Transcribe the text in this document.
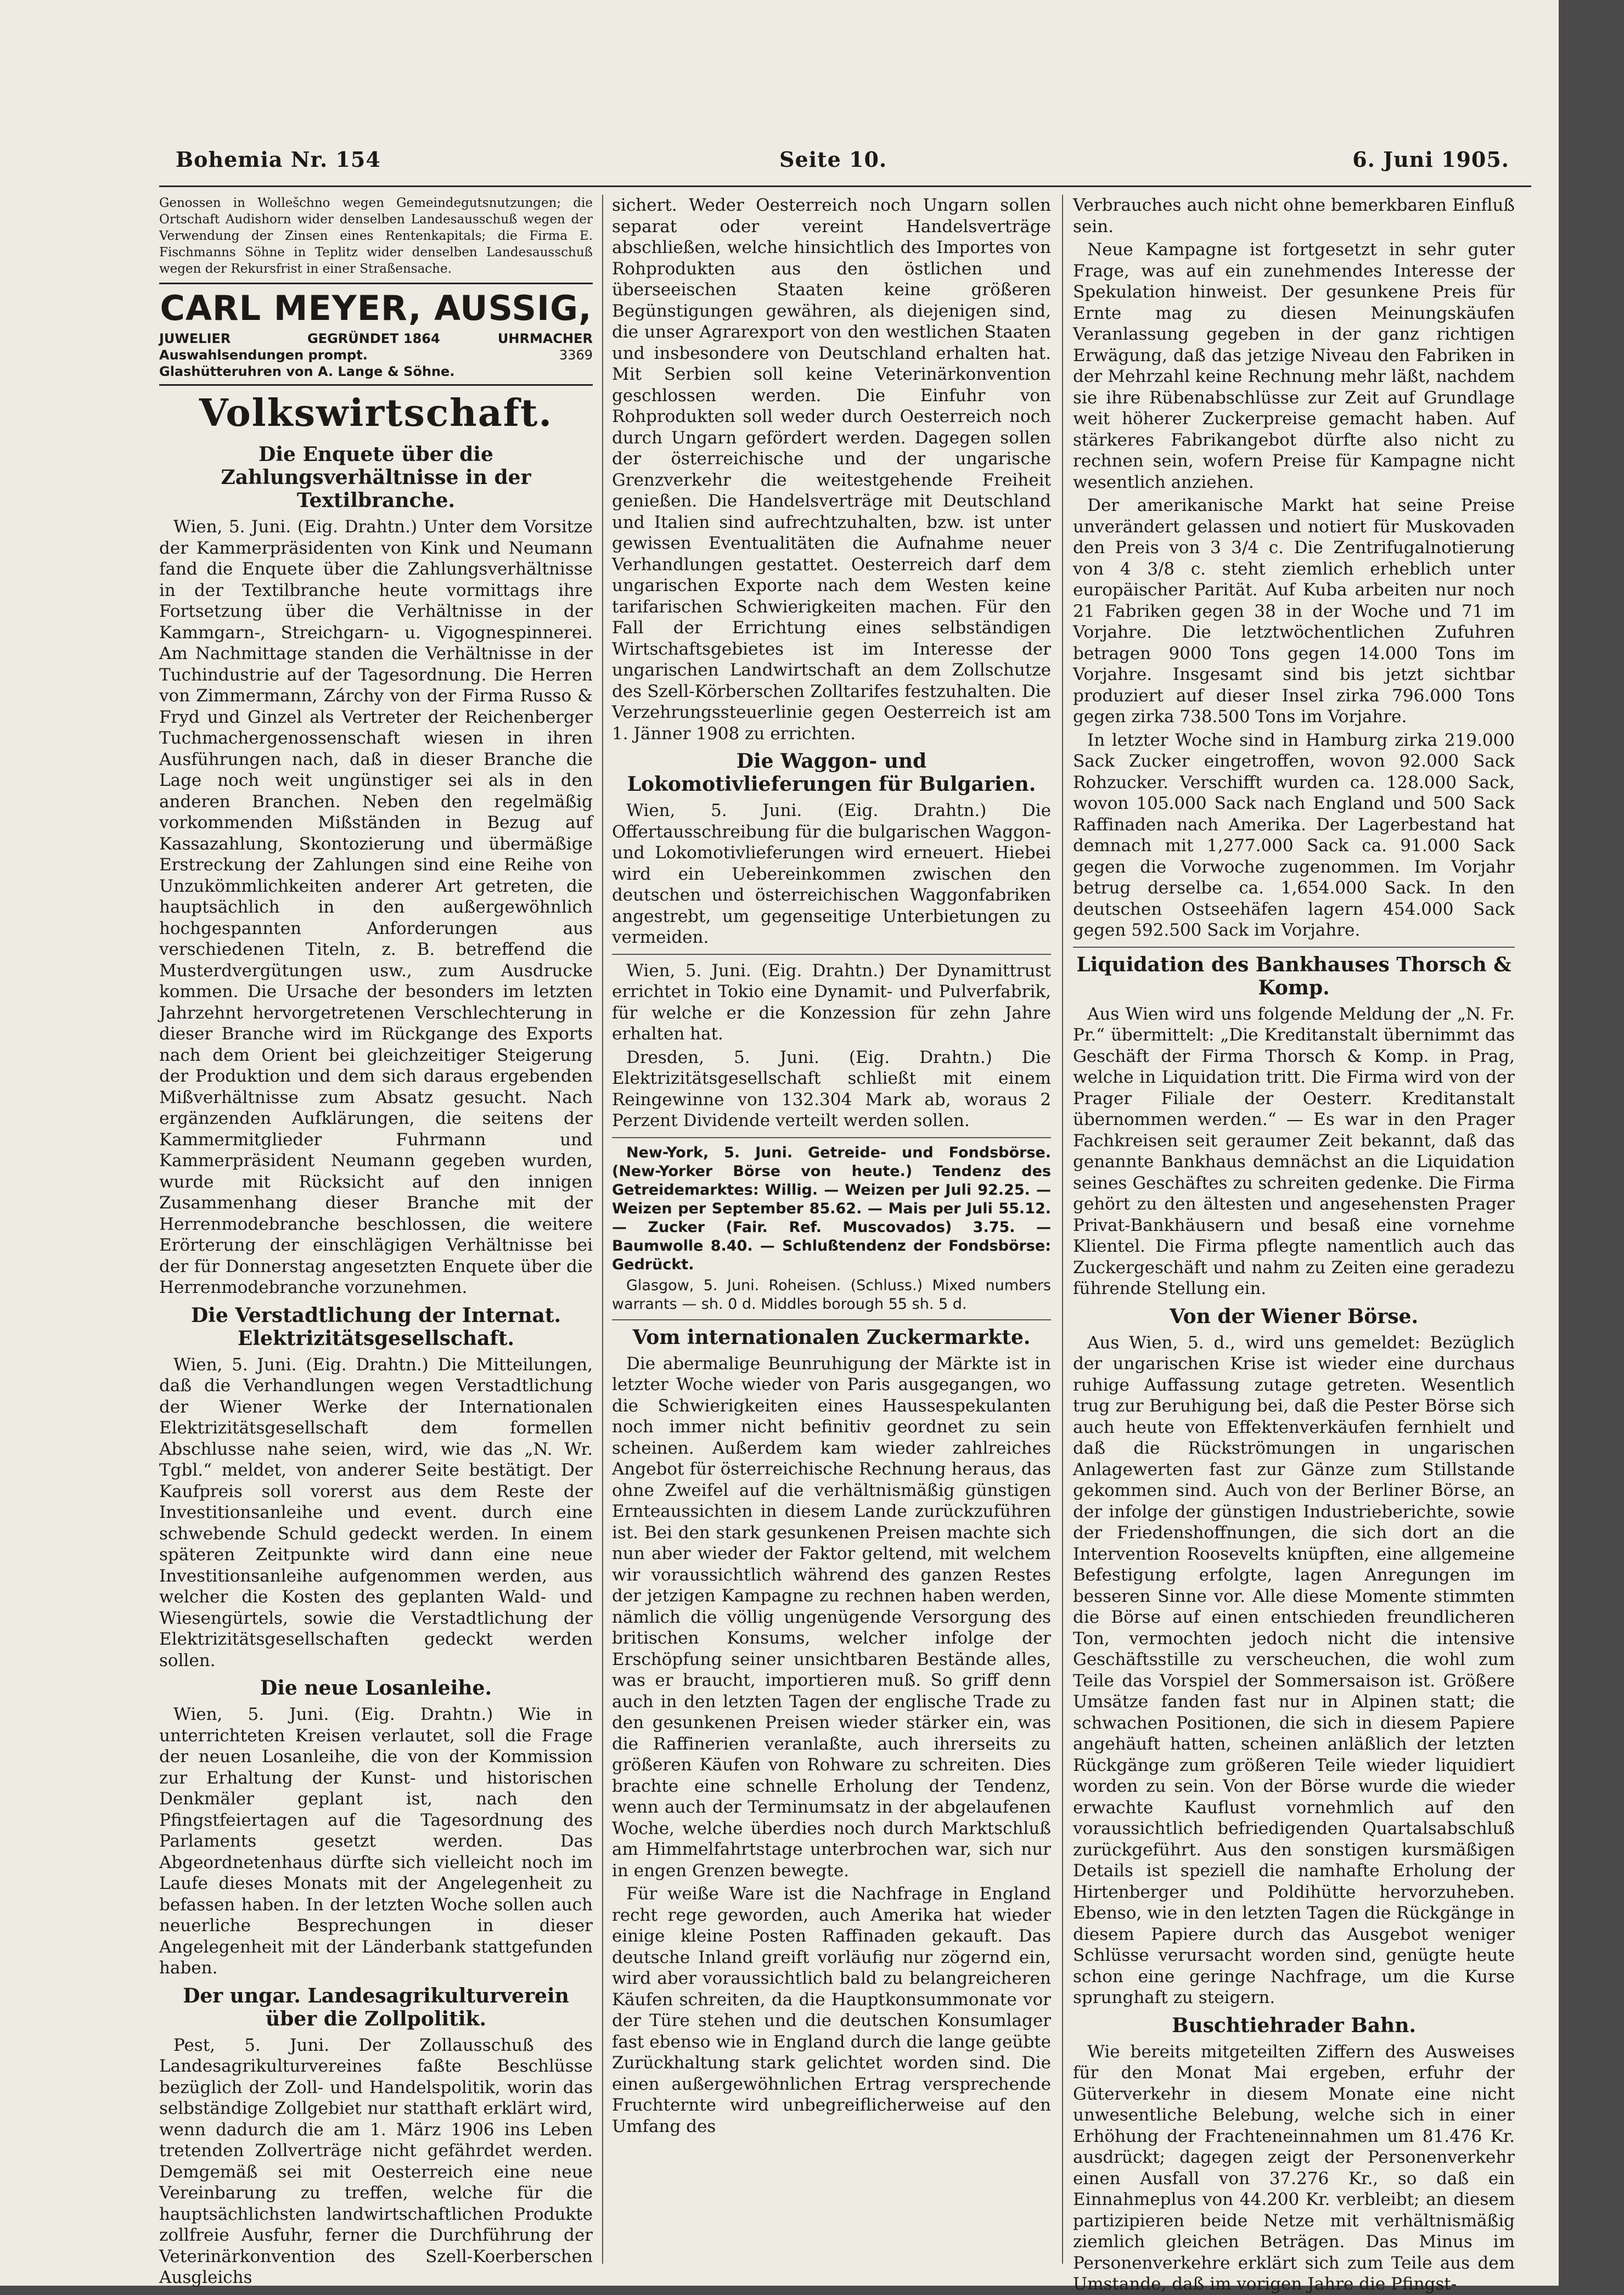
Bohemia Nr. 154	Seite 10.	6. Juni 1905.

Genossen in Wollešchno wegen Gemeindegutsnutzungen; die Ortschaft Audishorn wider denselben Landesausschuß wegen der Verwendung der Zinsen eines Rentenkapitals; die Firma E. Fischmanns Söhne in Teplitz wider denselben Landesausschuß wegen der Rekursfrist in einer Straßensache.

CARL MEYER, AUSSIG,
JUWELIER	GEGRÜNDET 1864	UHRMACHER
Auswahlsendungen prompt.	3369
Glashütteruhren von A. Lange & Söhne.
Volkswirtschaft.
Die Enquete über die Zahlungsverhältnisse in der Textilbranche.

Wien, 5. Juni. (Eig. Drahtn.) Unter dem Vorsitze der Kammerpräsidenten von Kink und Neumann fand die Enquete über die Zahlungsverhältnisse in der Textilbranche heute vormittags ihre Fortsetzung über die Verhältnisse in der Kammgarn-, Streichgarn- u. Vigognespinnerei. Am Nachmittage standen die Verhältnisse in der Tuchindustrie auf der Tagesordnung. Die Herren von Zimmermann, Zárchy von der Firma Russo & Fryd und Ginzel als Vertreter der Reichenberger Tuchmachergenossenschaft wiesen in ihren Ausführungen nach, daß in dieser Branche die Lage noch weit ungünstiger sei als in den anderen Branchen. Neben den regelmäßig vorkommenden Mißständen in Bezug auf Kassazahlung, Skontozierung und übermäßige Erstreckung der Zahlungen sind eine Reihe von Unzukömmlichkeiten anderer Art getreten, die hauptsächlich in den außergewöhnlich hochgespannten Anforderungen aus verschiedenen Titeln, z. B. betreffend die Musterdvergütungen usw., zum Ausdrucke kommen. Die Ursache der besonders im letzten Jahrzehnt hervorgetretenen Verschlechterung in dieser Branche wird im Rückgange des Exports nach dem Orient bei gleichzeitiger Steigerung der Produktion und dem sich daraus ergebenden Mißverhältnisse zum Absatz gesucht. Nach ergänzenden Aufklärungen, die seitens der Kammermitglieder Fuhrmann und Kammerpräsident Neumann gegeben wurden, wurde mit Rücksicht auf den innigen Zusammenhang dieser Branche mit der Herrenmodebranche beschlossen, die weitere Erörterung der einschlägigen Verhältnisse bei der für Donnerstag angesetzten Enquete über die Herrenmodebranche vorzunehmen.

Die Verstadtlichung der Internat. Elektrizitätsgesellschaft.

Wien, 5. Juni. (Eig. Drahtn.) Die Mitteilungen, daß die Verhandlungen wegen Verstadtlichung der Wiener Werke der Internationalen Elektrizitätsgesellschaft dem formellen Abschlusse nahe seien, wird, wie das „N. Wr. Tgbl.“ meldet, von anderer Seite bestätigt. Der Kaufpreis soll vorerst aus dem Reste der Investitionsanleihe und event. durch eine schwebende Schuld gedeckt werden. In einem späteren Zeitpunkte wird dann eine neue Investitionsanleihe aufgenommen werden, aus welcher die Kosten des geplanten Wald- und Wiesengürtels, sowie die Verstadtlichung der Elektrizitätsgesellschaften gedeckt werden sollen.

Die neue Losanleihe.

Wien, 5. Juni. (Eig. Drahtn.) Wie in unterrichteten Kreisen verlautet, soll die Frage der neuen Losanleihe, die von der Kommission zur Erhaltung der Kunst- und historischen Denkmäler geplant ist, nach den Pfingstfeiertagen auf die Tagesordnung des Parlaments gesetzt werden. Das Abgeordnetenhaus dürfte sich vielleicht noch im Laufe dieses Monats mit der Angelegenheit zu befassen haben. In der letzten Woche sollen auch neuerliche Besprechungen in dieser Angelegenheit mit der Länderbank stattgefunden haben.

Der ungar. Landesagrikulturverein über die Zollpolitik.

Pest, 5. Juni. Der Zollausschuß des Landesagrikulturvereines faßte Beschlüsse bezüglich der Zoll- und Handelspolitik, worin das selbständige Zollgebiet nur statthaft erklärt wird, wenn dadurch die am 1. März 1906 ins Leben tretenden Zollverträge nicht gefährdet werden. Demgemäß sei mit Oesterreich eine neue Vereinbarung zu treffen, welche für die hauptsächlichsten landwirtschaftlichen Produkte zollfreie Ausfuhr, ferner die Durchführung der Veterinärkonvention des Szell-Koerberschen Ausgleichs

sichert. Weder Oesterreich noch Ungarn sollen separat oder vereint Handelsverträge abschließen, welche hinsichtlich des Importes von Rohprodukten aus den östlichen und überseeischen Staaten keine größeren Begünstigungen gewähren, als diejenigen sind, die unser Agrarexport von den westlichen Staaten und insbesondere von Deutschland erhalten hat. Mit Serbien soll keine Veterinärkonvention geschlossen werden. Die Einfuhr von Rohprodukten soll weder durch Oesterreich noch durch Ungarn gefördert werden. Dagegen sollen der österreichische und der ungarische Grenzverkehr die weitestgehende Freiheit genießen. Die Handelsverträge mit Deutschland und Italien sind aufrechtzuhalten, bzw. ist unter gewissen Eventualitäten die Aufnahme neuer Verhandlungen gestattet. Oesterreich darf dem ungarischen Exporte nach dem Westen keine tarifarischen Schwierigkeiten machen. Für den Fall der Errichtung eines selbständigen Wirtschaftsgebietes ist im Interesse der ungarischen Landwirtschaft an dem Zollschutze des Szell-Körberschen Zolltarifes festzuhalten. Die Verzehrungssteuerlinie gegen Oesterreich ist am 1. Jänner 1908 zu errichten.

Die Waggon- und Lokomotivlieferungen für Bulgarien.

Wien, 5. Juni. (Eig. Drahtn.) Die Offertausschreibung für die bulgarischen Waggon- und Lokomotivlieferungen wird erneuert. Hiebei wird ein Uebereinkommen zwischen den deutschen und österreichischen Waggonfabriken angestrebt, um gegenseitige Unterbietungen zu vermeiden.

Wien, 5. Juni. (Eig. Drahtn.) Der Dynamittrust errichtet in Tokio eine Dynamit- und Pulverfabrik, für welche er die Konzession für zehn Jahre erhalten hat.

Dresden, 5. Juni. (Eig. Drahtn.) Die Elektrizitätsgesellschaft schließt mit einem Reingewinne von 132.304 Mark ab, woraus 2 Perzent Dividende verteilt werden sollen.

New-York, 5. Juni. Getreide- und Fondsbörse. (New-Yorker Börse von heute.) Tendenz des Getreidemarktes: Willig. — Weizen per Juli 92.25. — Weizen per September 85.62. — Mais per Juli 55.12. — Zucker (Fair. Ref. Muscovados) 3.75. — Baumwolle 8.40. — Schlußtendenz der Fondsbörse: Gedrückt.

Glasgow, 5. Juni. Roheisen. (Schluss.) Mixed numbers warrants — sh. 0 d. Middles borough 55 sh. 5 d.

Vom internationalen Zuckermarkte.

Die abermalige Beunruhigung der Märkte ist in letzter Woche wieder von Paris ausgegangen, wo die Schwierigkeiten eines Haussespekulanten noch immer nicht befinitiv geordnet zu sein scheinen. Außerdem kam wieder zahlreiches Angebot für österreichische Rechnung heraus, das ohne Zweifel auf die verhältnismäßig günstigen Ernteaussichten in diesem Lande zurückzuführen ist. Bei den stark gesunkenen Preisen machte sich nun aber wieder der Faktor geltend, mit welchem wir voraussichtlich während des ganzen Restes der jetzigen Kampagne zu rechnen haben werden, nämlich die völlig ungenügende Versorgung des britischen Konsums, welcher infolge der Erschöpfung seiner unsichtbaren Bestände alles, was er braucht, importieren muß. So griff denn auch in den letzten Tagen der englische Trade zu den gesunkenen Preisen wieder stärker ein, was die Raffinerien veranlaßte, auch ihrerseits zu größeren Käufen von Rohware zu schreiten. Dies brachte eine schnelle Erholung der Tendenz, wenn auch der Terminumsatz in der abgelaufenen Woche, welche überdies noch durch Marktschluß am Himmelfahrtstage unterbrochen war, sich nur in engen Grenzen bewegte.

Für weiße Ware ist die Nachfrage in England recht rege geworden, auch Amerika hat wieder einige kleine Posten Raffinaden gekauft. Das deutsche Inland greift vorläufig nur zögernd ein, wird aber voraussichtlich bald zu belangreicheren Käufen schreiten, da die Hauptkonsummonate vor der Türe stehen und die deutschen Konsumlager fast ebenso wie in England durch die lange geübte Zurückhaltung stark gelichtet worden sind. Die einen außergewöhnlichen Ertrag versprechende Fruchternte wird unbegreiflicherweise auf den Umfang des

Verbrauches auch nicht ohne bemerkbaren Einfluß sein.

Neue Kampagne ist fortgesetzt in sehr guter Frage, was auf ein zunehmendes Interesse der Spekulation hinweist. Der gesunkene Preis für Ernte mag zu diesen Meinungskäufen Veranlassung gegeben in der ganz richtigen Erwägung, daß das jetzige Niveau den Fabriken in der Mehrzahl keine Rechnung mehr läßt, nachdem sie ihre Rübenabschlüsse zur Zeit auf Grundlage weit höherer Zuckerpreise gemacht haben. Auf stärkeres Fabrikangebot dürfte also nicht zu rechnen sein, wofern Preise für Kampagne nicht wesentlich anziehen.

Der amerikanische Markt hat seine Preise unverändert gelassen und notiert für Muskovaden den Preis von 3 3/4 c. Die Zentrifugalnotierung von 4 3/8 c. steht ziemlich erheblich unter europäischer Parität. Auf Kuba arbeiten nur noch 21 Fabriken gegen 38 in der Woche und 71 im Vorjahre. Die letztwöchentlichen Zufuhren betragen 9000 Tons gegen 14.000 Tons im Vorjahre. Insgesamt sind bis jetzt sichtbar produziert auf dieser Insel zirka 796.000 Tons gegen zirka 738.500 Tons im Vorjahre.

In letzter Woche sind in Hamburg zirka 219.000 Sack Zucker eingetroffen, wovon 92.000 Sack Rohzucker. Verschifft wurden ca. 128.000 Sack, wovon 105.000 Sack nach England und 500 Sack Raffinaden nach Amerika. Der Lagerbestand hat demnach mit 1,277.000 Sack ca. 91.000 Sack gegen die Vorwoche zugenommen. Im Vorjahr betrug derselbe ca. 1,654.000 Sack. In den deutschen Ostseehäfen lagern 454.000 Sack gegen 592.500 Sack im Vorjahre.

Liquidation des Bankhauses Thorsch & Komp.

Aus Wien wird uns folgende Meldung der „N. Fr. Pr.“ übermittelt: „Die Kreditanstalt übernimmt das Geschäft der Firma Thorsch & Komp. in Prag, welche in Liquidation tritt. Die Firma wird von der Prager Filiale der Oesterr. Kreditanstalt übernommen werden.“ — Es war in den Prager Fachkreisen seit geraumer Zeit bekannt, daß das genannte Bankhaus demnächst an die Liquidation seines Geschäftes zu schreiten gedenke. Die Firma gehört zu den ältesten und angesehensten Prager Privat-Bankhäusern und besaß eine vornehme Klientel. Die Firma pflegte namentlich auch das Zuckergeschäft und nahm zu Zeiten eine geradezu führende Stellung ein.

Von der Wiener Börse.

Aus Wien, 5. d., wird uns gemeldet: Bezüglich der ungarischen Krise ist wieder eine durchaus ruhige Auffassung zutage getreten. Wesentlich trug zur Beruhigung bei, daß die Pester Börse sich auch heute von Effektenverkäufen fernhielt und daß die Rückströmungen in ungarischen Anlagewerten fast zur Gänze zum Stillstande gekommen sind. Auch von der Berliner Börse, an der infolge der günstigen Industrieberichte, sowie der Friedenshoffnungen, die sich dort an die Intervention Roosevelts knüpften, eine allgemeine Befestigung erfolgte, lagen Anregungen im besseren Sinne vor. Alle diese Momente stimmten die Börse auf einen entschieden freundlicheren Ton, vermochten jedoch nicht die intensive Geschäftsstille zu verscheuchen, die wohl zum Teile das Vorspiel der Sommersaison ist. Größere Umsätze fanden fast nur in Alpinen statt; die schwachen Positionen, die sich in diesem Papiere angehäuft hatten, scheinen anläßlich der letzten Rückgänge zum größeren Teile wieder liquidiert worden zu sein. Von der Börse wurde die wieder erwachte Kauflust vornehmlich auf den voraussichtlich befriedigenden Quartalsabschluß zurückgeführt. Aus den sonstigen kursmäßigen Details ist speziell die namhafte Erholung der Hirtenberger und Poldihütte hervorzuheben. Ebenso, wie in den letzten Tagen die Rückgänge in diesem Papiere durch das Ausgebot weniger Schlüsse verursacht worden sind, genügte heute schon eine geringe Nachfrage, um die Kurse sprunghaft zu steigern.

Buschtiehrader Bahn.

Wie bereits mitgeteilten Ziffern des Ausweises für den Monat Mai ergeben, erfuhr der Güterverkehr in diesem Monate eine nicht unwesentliche Belebung, welche sich in einer Erhöhung der Frachteneinnahmen um 81.476 Kr. ausdrückt; dagegen zeigt der Personenverkehr einen Ausfall von 37.276 Kr., so daß ein Einnahmeplus von 44.200 Kr. verbleibt; an diesem partizipieren beide Netze mit verhältnismäßig ziemlich gleichen Beträgen. Das Minus im Personenverkehre erklärt sich zum Teile aus dem Umstande, daß im vorigen Jahre die Pfingst-
